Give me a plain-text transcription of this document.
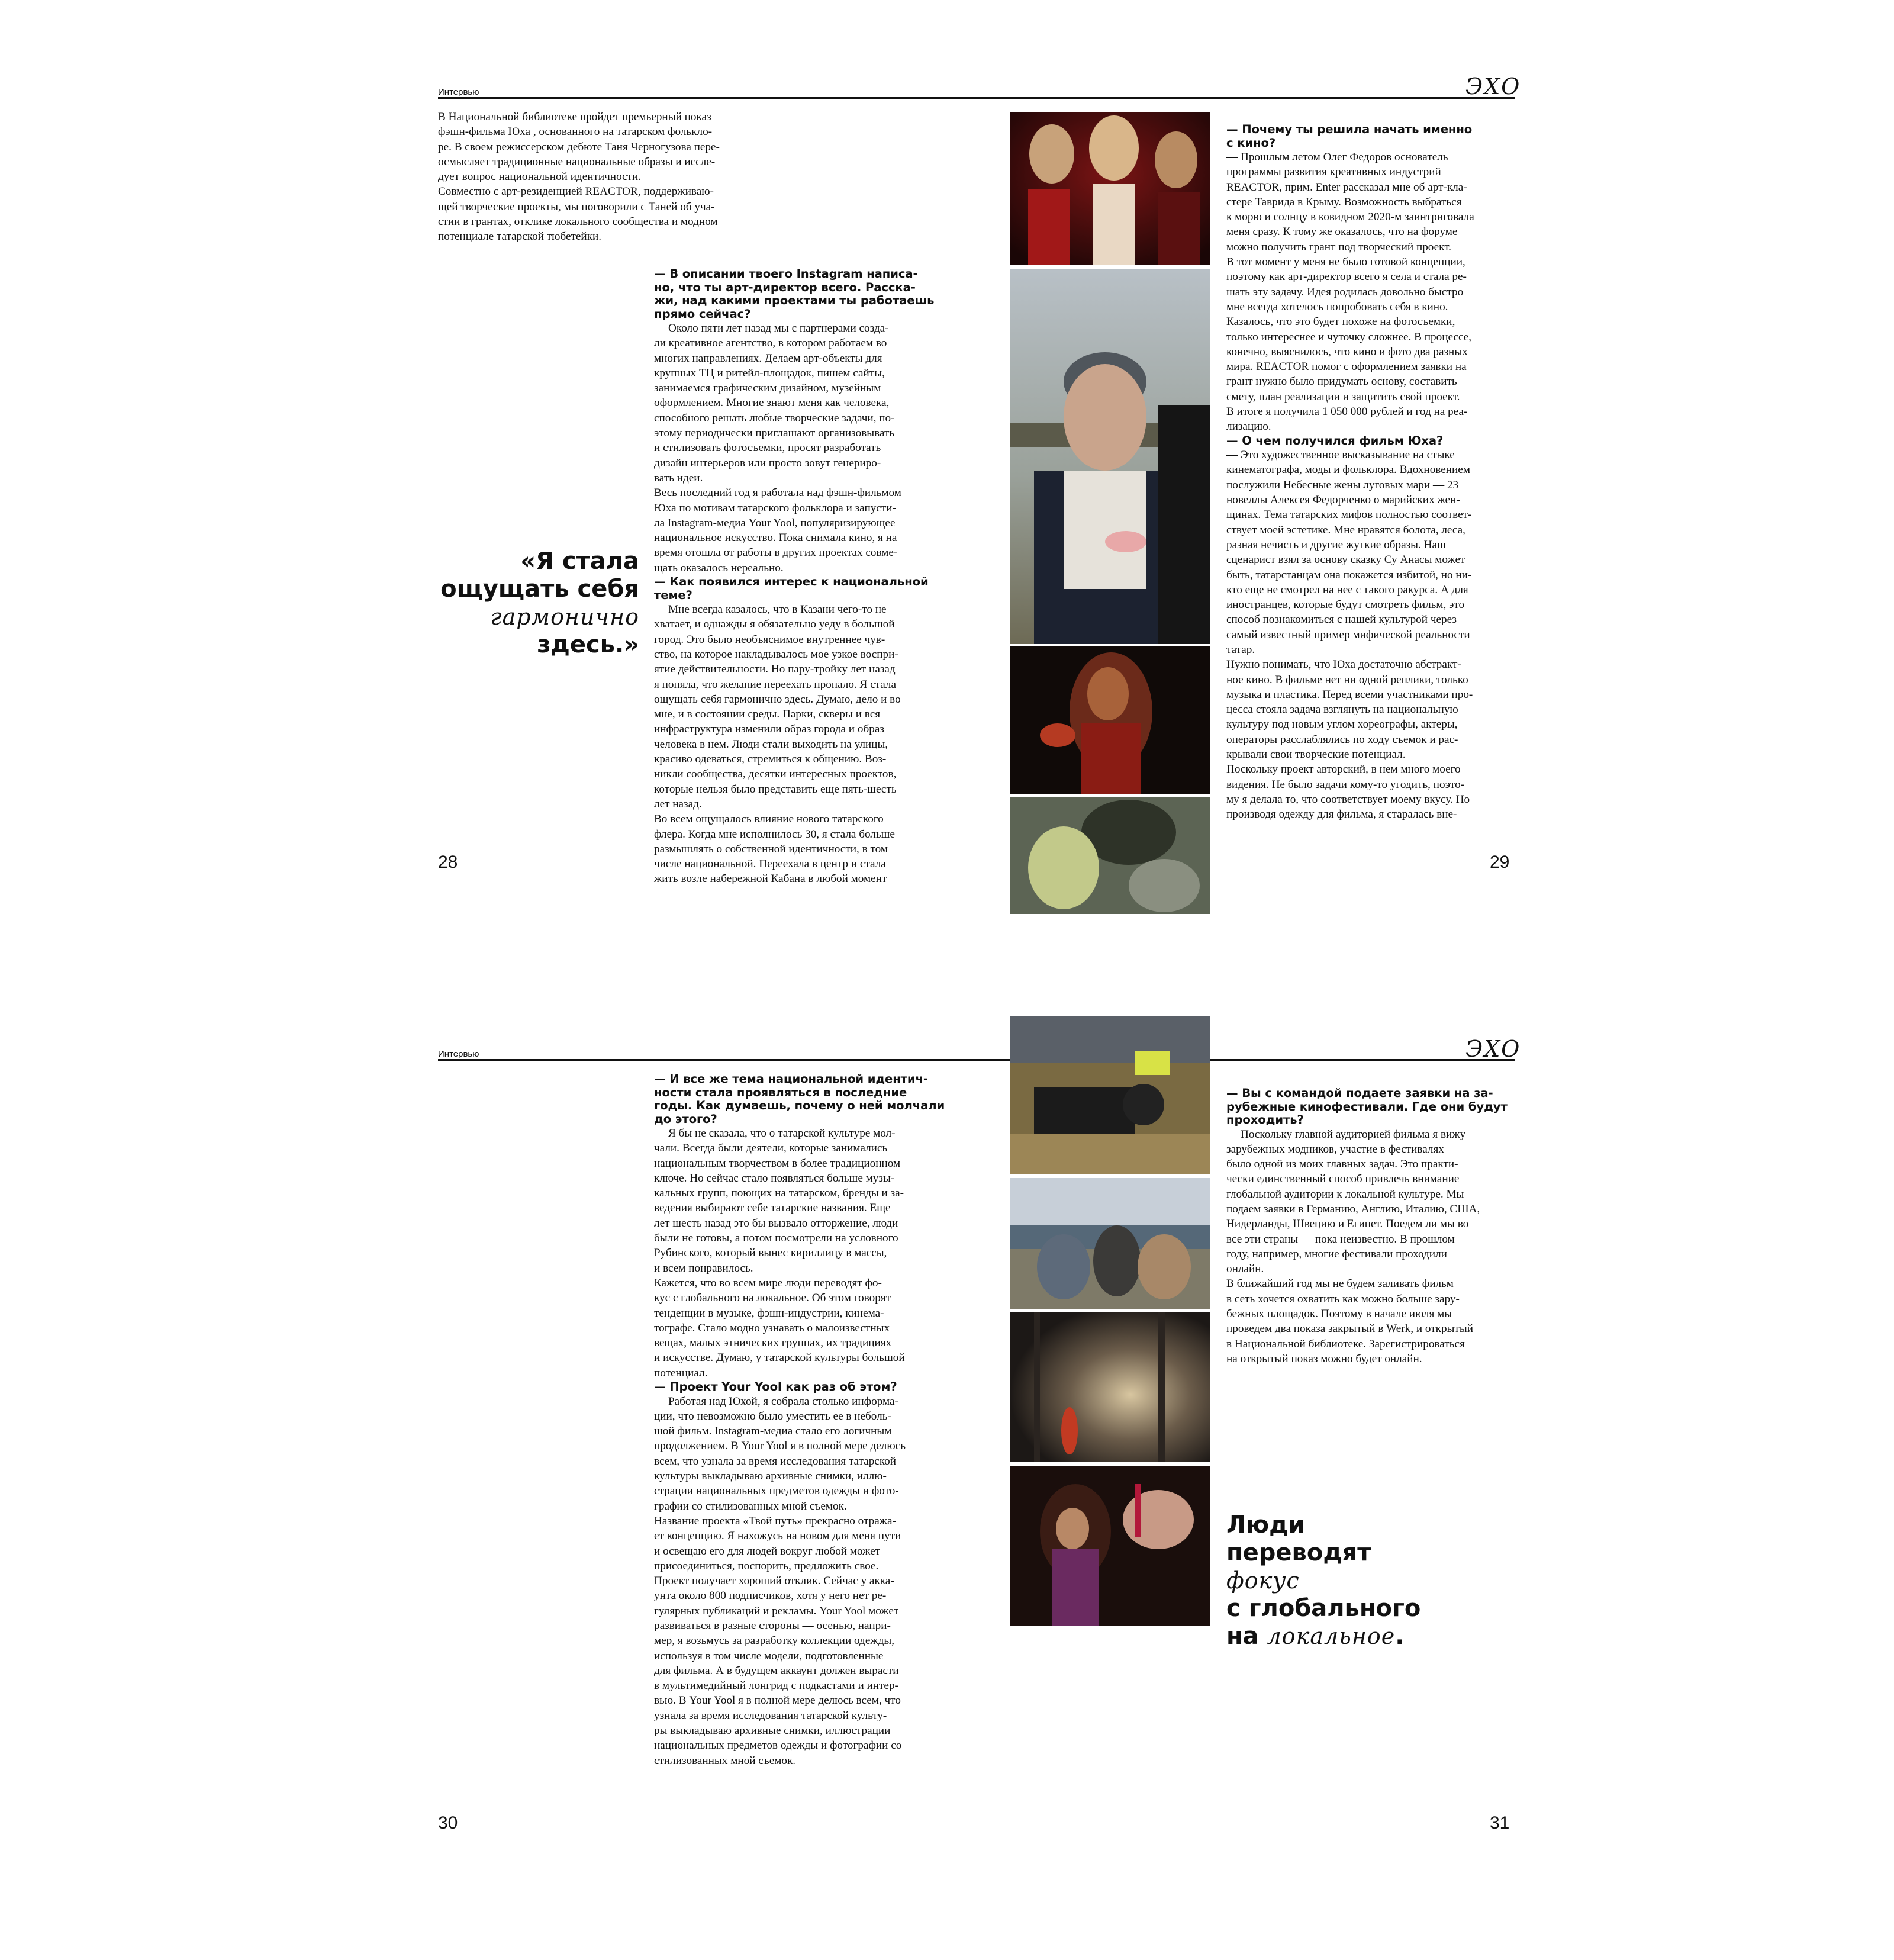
Интервью	ЭХО

В Национальной библиотеке пройдет премьерный показ

фэшн-фильма Юха , основанного на татарском фолькло-

ре. В своем режиссерском дебюте Таня Черногузова пере-

осмысляет традиционные национальные образы и иссле-

дует вопрос национальной идентичности.

Совместно с арт-резиденцией REACTOR, поддерживаю-

щей творческие проекты, мы поговорили с Таней об уча-

стии в грантах, отклике локального сообщества и модном

потенциале татарской тюбетейки.

«Я стала
ощущать себя
гармонично
здесь.»

— В описании твоего Instagram написа-
но, что ты арт-директор всего. Расска-
жи, над какими проектами ты работаешь
прямо сейчас?

— Около пяти лет назад мы с партнерами созда-

ли креативное агентство, в котором работаем во

многих направлениях. Делаем арт-объекты для

крупных ТЦ и ритейл-площадок, пишем сайты,

занимаемся графическим дизайном, музейным

оформлением. Многие знают меня как человека,

способного решать любые творческие задачи, по-

этому периодически приглашают организовывать

и стилизовать фотосъемки, просят разработать

дизайн интерьеров или просто зовут генериро-

вать идеи.

Весь последний год я работала над фэшн-фильмом

Юха по мотивам татарского фольклора и запусти-

ла Instagram-медиа Your Yool, популяризирующее

национальное искусство. Пока снимала кино, я на

время отошла от работы в других проектах совме-

щать оказалось нереально.

— Как появился интерес к национальной
теме?

— Мне всегда казалось, что в Казани чего-то не

хватает, и однажды я обязательно уеду в большой

город. Это было необъяснимое внутреннее чув-

ство, на которое накладывалось мое узкое воспри-

ятие действительности. Но пару-тройку лет назад

я поняла, что желание переехать пропало. Я стала

ощущать себя гармонично здесь. Думаю, дело и во

мне, и в состоянии среды. Парки, скверы и вся

инфраструктура изменили образ города и образ

человека в нем. Люди стали выходить на улицы,

красиво одеваться, стремиться к общению. Воз-

никли сообщества, десятки интересных проектов,

которые нельзя было представить еще пять-шесть

лет назад.

Во всем ощущалось влияние нового татарского

флера. Когда мне исполнилось 30, я стала больше

размышлять о собственной идентичности, в том

числе национальной. Переехала в центр и стала

жить возле набережной Кабана в любой момент

28

— Почему ты решила начать именно
с кино?

— Прошлым летом Олег Федоров основатель

программы развития креативных индустрий

REACTOR, прим. Enter рассказал мне об арт-кла-

стере Таврида в Крыму. Возможность выбраться

к морю и солнцу в ковидном 2020-м заинтриговала

меня сразу. К тому же оказалось, что на форуме

можно получить грант под творческий проект.

В тот момент у меня не было готовой концепции,

поэтому как арт-директор всего я села и стала ре-

шать эту задачу. Идея родилась довольно быстро

мне всегда хотелось попробовать себя в кино.

Казалось, что это будет похоже на фотосъемки,

только интереснее и чуточку сложнее. В процессе,

конечно, выяснилось, что кино и фото два разных

мира. REACTOR помог с оформлением заявки на

грант нужно было придумать основу, составить

смету, план реализации и защитить свой проект.

В итоге я получила 1 050 000 рублей и год на реа-

лизацию.

— О чем получился фильм Юха?

— Это художественное высказывание на стыке

кинематографа, моды и фольклора. Вдохновением

послужили Небесные жены луговых мари — 23

новеллы Алексея Федорченко о марийских жен-

щинах. Тема татарских мифов полностью соответ-

ствует моей эстетике. Мне нравятся болота, леса,

разная нечисть и другие жуткие образы. Наш

сценарист взял за основу сказку Су Анасы может

быть, татарстанцам она покажется избитой, но ни-

кто еще не смотрел на нее с такого ракурса. А для

иностранцев, которые будут смотреть фильм, это

способ познакомиться с нашей культурой через

самый известный пример мифической реальности

татар.

Нужно понимать, что Юха достаточно абстракт-

ное кино. В фильме нет ни одной реплики, только

музыка и пластика. Перед всеми участниками про-

цесса стояла задача взглянуть на национальную

культуру под новым углом хореографы, актеры,

операторы расслаблялись по ходу съемок и рас-

крывали свои творческие потенциал.

Поскольку проект авторский, в нем много моего

видения. Не было задачи кому-то угодить, поэто-

му я делала то, что соответствует моему вкусу. Но

производя одежду для фильма, я старалась вне-

29
Интервью	ЭХО

— И все же тема национальной идентич-
ности стала проявляться в последние
годы. Как думаешь, почему о ней молчали
до этого?

— Я бы не сказала, что о татарской культуре мол-

чали. Всегда были деятели, которые занимались

национальным творчеством в более традиционном

ключе. Но сейчас стало появляться больше музы-

кальных групп, поющих на татарском, бренды и за-

ведения выбирают себе татарские названия. Еще

лет шесть назад это бы вызвало отторжение, люди

были не готовы, а потом посмотрели на условного

Рубинского, который вынес кириллицу в массы,

и всем понравилось.

Кажется, что во всем мире люди переводят фо-

кус с глобального на локальное. Об этом говорят

тенденции в музыке, фэшн-индустрии, кинема-

тографе. Стало модно узнавать о малоизвестных

вещах, малых этнических группах, их традициях

и искусстве. Думаю, у татарской культуры большой

потенциал.

— Проект Your Yool как раз об этом?

— Работая над Юхой, я собрала столько информа-

ции, что невозможно было уместить ее в неболь-

шой фильм. Instagram-медиа стало его логичным

продолжением. В Your Yool я в полной мере делюсь

всем, что узнала за время исследования татарской

культуры выкладываю архивные снимки, иллю-

страции национальных предметов одежды и фото-

графии со стилизованных мной съемок.

Название проекта «Твой путь» прекрасно отража-

ет концепцию. Я нахожусь на новом для меня пути

и освещаю его для людей вокруг любой может

присоединиться, поспорить, предложить свое.

Проект получает хороший отклик. Сейчас у акка-

унта около 800 подписчиков, хотя у него нет ре-

гулярных публикаций и рекламы. Your Yool может

развиваться в разные стороны — осенью, напри-

мер, я возьмусь за разработку коллекции одежды,

используя в том числе модели, подготовленные

для фильма. А в будущем аккаунт должен вырасти

в мультимедийный лонгрид с подкастами и интер-

вью. В Your Yool я в полной мере делюсь всем, что

узнала за время исследования татарской культу-

ры выкладываю архивные снимки, иллюстрации

национальных предметов одежды и фотографии со

стилизованных мной съемок.

30

— Вы с командой подаете заявки на за-
рубежные кинофестивали. Где они будут
проходить?

— Поскольку главной аудиторией фильма я вижу

зарубежных модников, участие в фестивалях

было одной из моих главных задач. Это практи-

чески единственный способ привлечь внимание

глобальной аудитории к локальной культуре. Мы

подаем заявки в Германию, Англию, Италию, США,

Нидерланды, Швецию и Египет. Поедем ли мы во

все эти страны — пока неизвестно. В прошлом

году, например, многие фестивали проходили

онлайн.

В ближайший год мы не будем заливать фильм

в сеть хочется охватить как можно больше зару-

бежных площадок. Поэтому в начале июля мы

проведем два показа закрытый в Werk, и открытый

в Национальной библиотеке. Зарегистрироваться

на открытый показ можно будет онлайн.

Люди
переводят
фокус
с глобального
на локальное.
31
